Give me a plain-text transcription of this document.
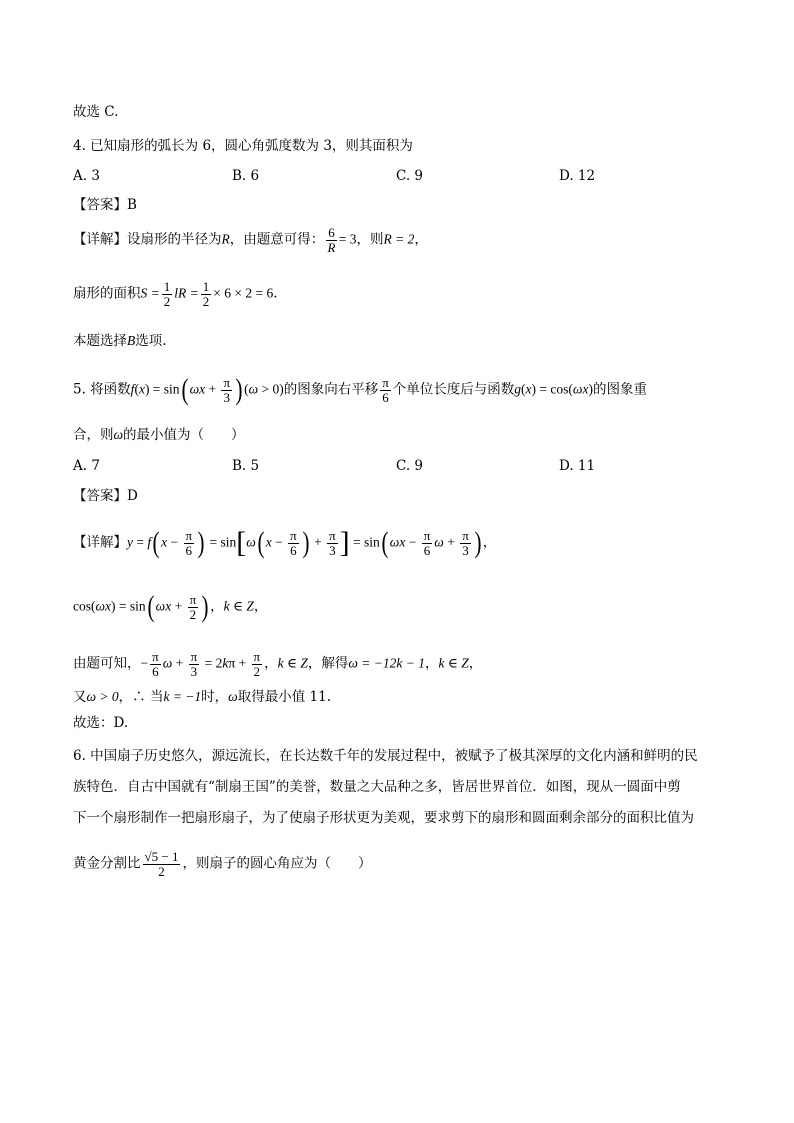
故选 C.
4. 已知扇形的弧长为 6，圆心角弧度数为 3，则其面积为
A. 3	B. 6	C. 9	D. 12
【答案】B
【详解】设扇形的半径为R，由题意可得： $\frac{6}{R} = 3$，则R = 2，
扇形的面积$S = \frac{1}{2}$ lR = $\frac{1}{2} \times 6 \times 2 = 6$.
本题选择B选项.
5. 将函数f(x) = sin( $\omega x + \frac{\pi}{3}$ ) (ω > 0)的图象向右平移 $\frac{\pi}{6}$ 个单位长度后与函数g(x) = cos(ωx)的图象重
合，则ω的最小值为（　　）
A. 7	B. 5	C. 9	D. 11
【答案】D
【详解】y = f( $x - \frac{\pi}{6}$ ) = sin[ω( $x - \frac{\pi}{6}$ ) + $\frac{\pi}{3}$ ] = sin( $\omega x - \frac{\pi}{6}$ $\omega + \frac{\pi}{3}$ ) ，
cos(ωx) = sin( $\omega x + \frac{\pi}{2}$ ) ，k ∈ Z，
由题可知，− $\frac{\pi}{6}$ $\omega + \frac{\pi}{3} = 2k\pi + \frac{\pi}{2}$ ，k ∈ Z，解得ω = −12k − 1，k ∈ Z，
又ω > 0，∴ 当k = −1时，ω取得最小值 11.
故选：D.
6. 中国扇子历史悠久，源远流长，在长达数千年的发展过程中，被赋予了极其深厚的文化内涵和鲜明的民
族特色．自古中国就有“制扇王国”的美誉，数量之大品种之多，皆居世界首位．如图，现从一圆面中剪
下一个扇形制作一把扇形扇子，为了使扇子形状更为美观，要求剪下的扇形和圆面剩余部分的面积比值为
黄金分割比 $\frac{√5 - 1}{2}$ ，则扇子的圆心角应为（　　）
